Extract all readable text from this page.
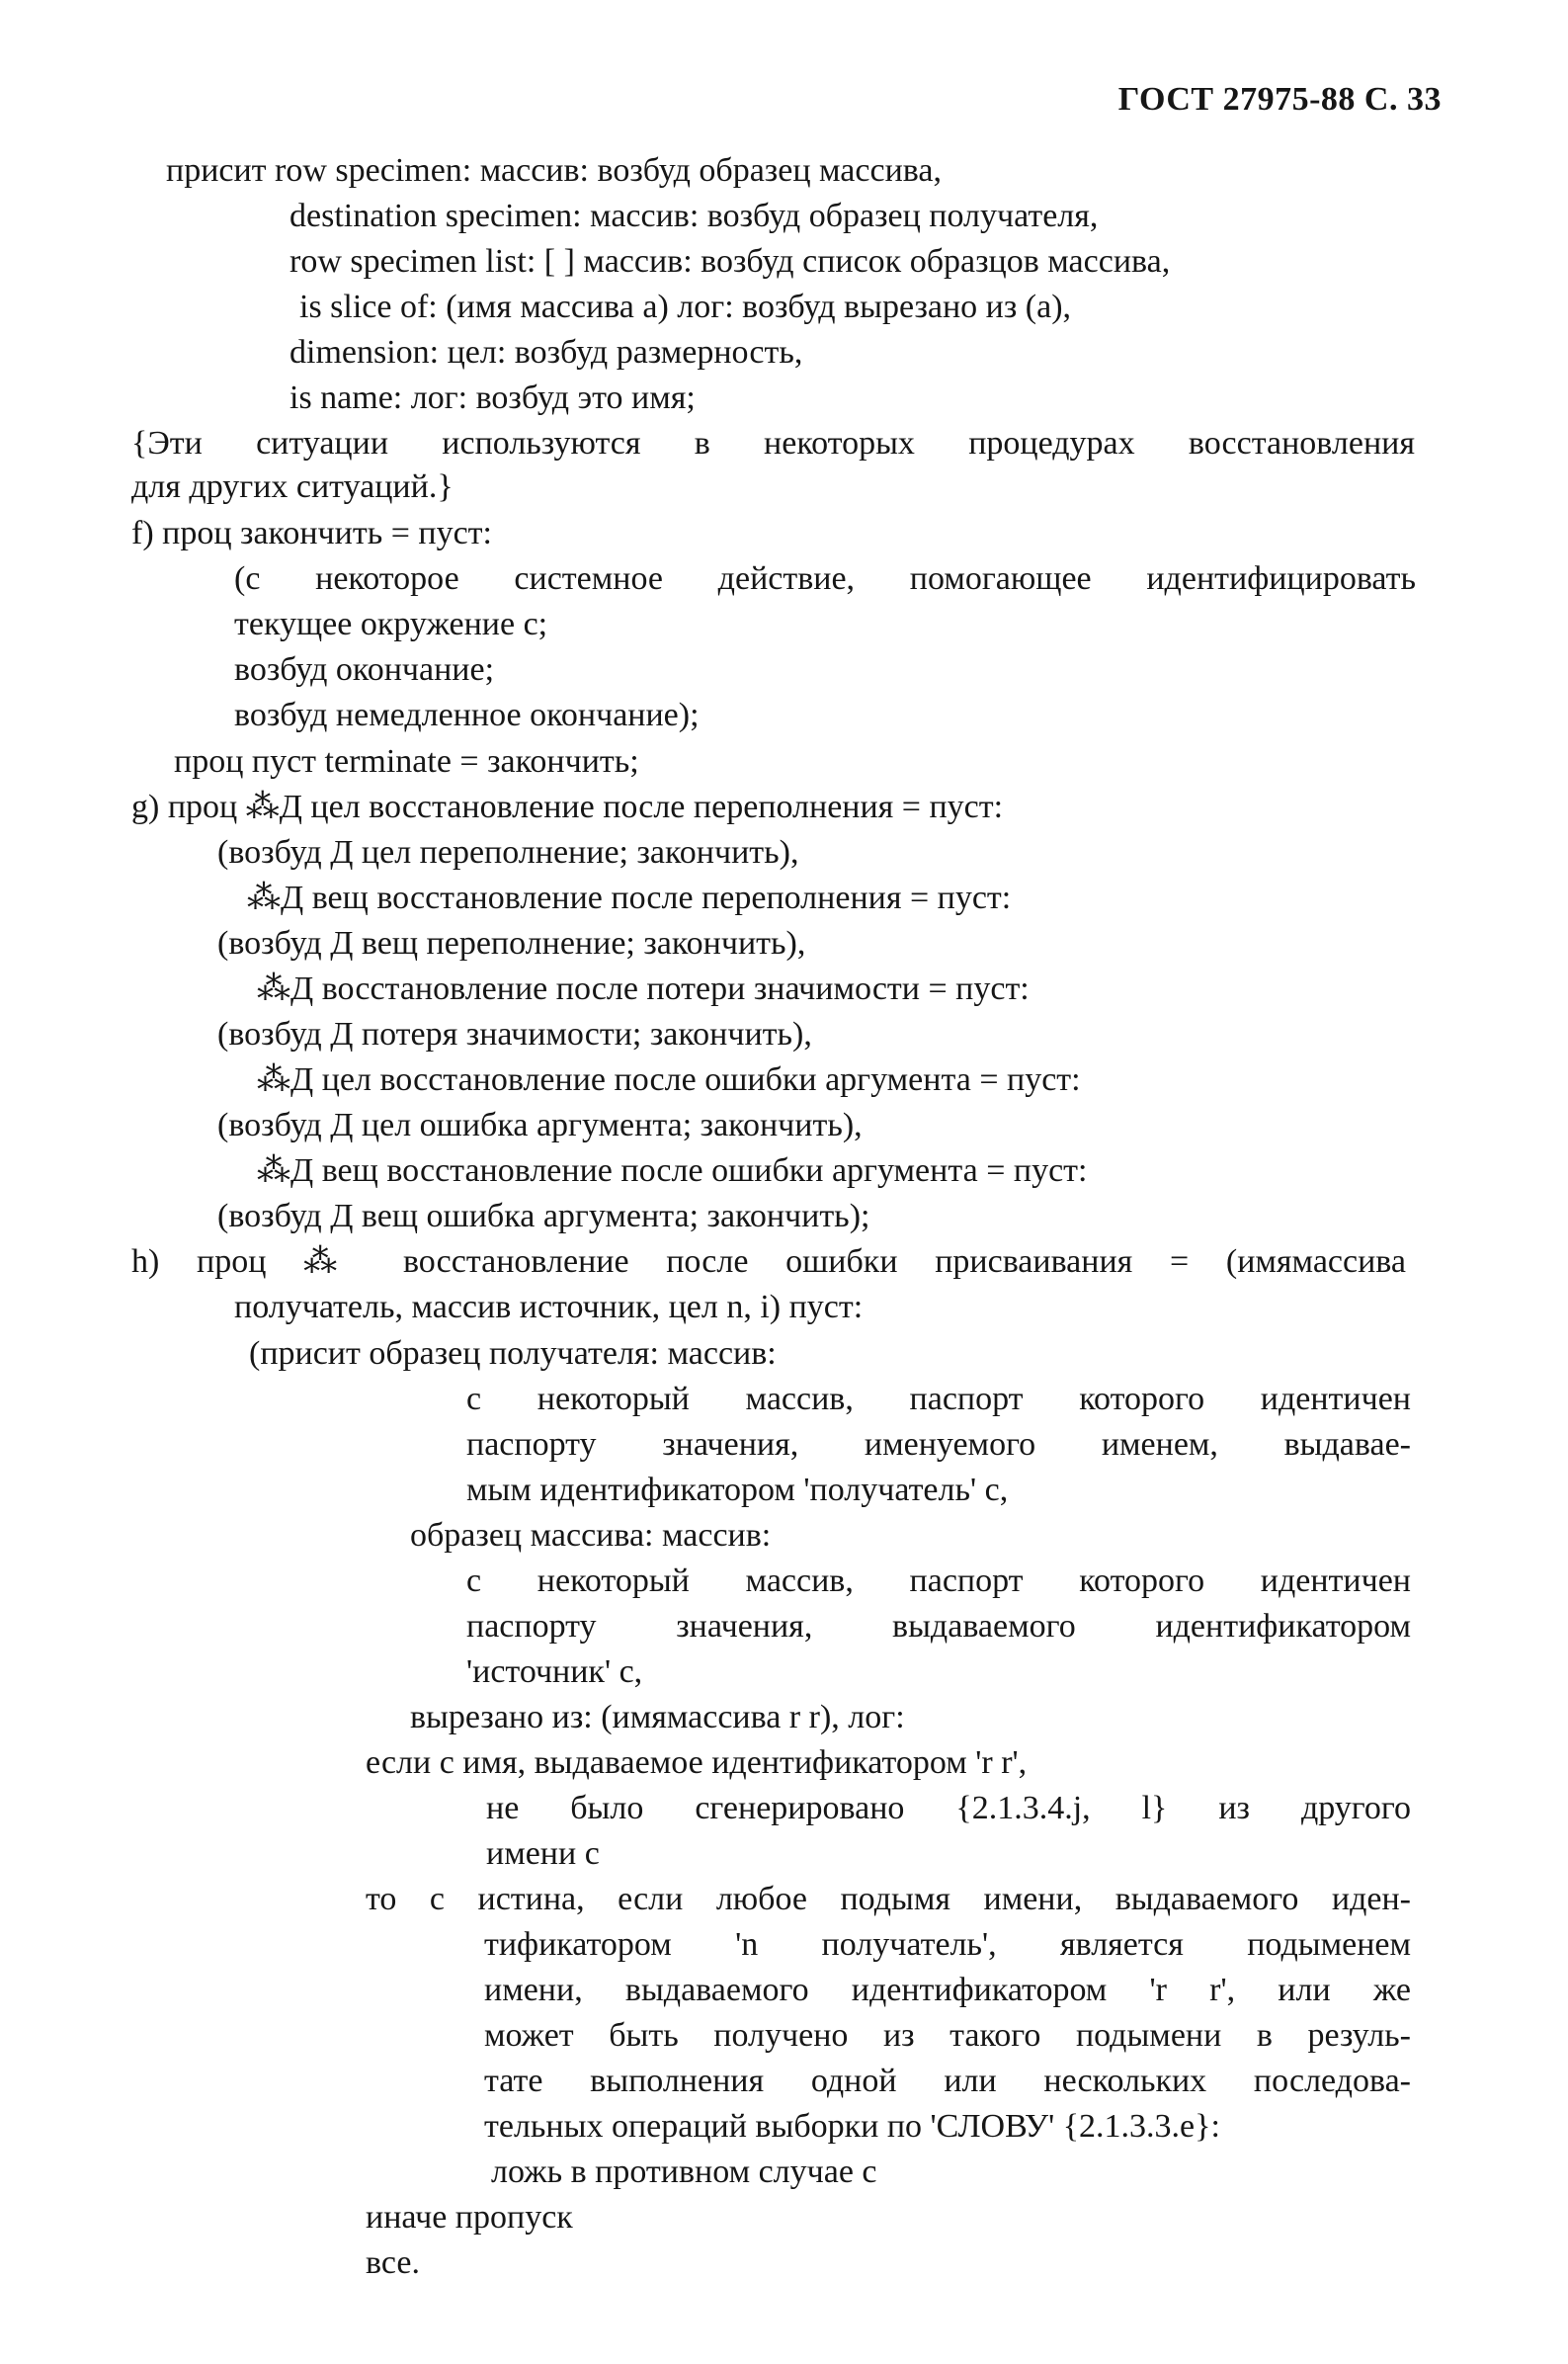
ГОСТ 27975-88 С. 33
присит row specimen: массив: возбуд образец массива,
destination specimen: массив: возбуд образец получателя,
row specimen list: [ ] массив: возбуд список образцов массива,
is slice of: (имя массива а) лог: возбуд вырезано из (а),
dimension: цел: возбуд размерность,
is name: лог: возбуд это имя;
{Эти ситуации используются в некоторых процедурах восстановления
для других ситуаций.}
f) проц закончить = пуст:
(с некоторое системное действие, помогающее идентифицировать
текущее окружение с;
возбуд окончание;
возбуд немедленное окончание);
проц пуст terminate = закончить;
g) проц ⁂Д цел восстановление после переполнения = пуст:
(возбуд Д цел переполнение; закончить),
⁂Д вещ восстановление после переполнения = пуст:
(возбуд Д вещ переполнение; закончить),
⁂Д восстановление после потери значимости = пуст:
(возбуд Д потеря значимости; закончить),
⁂Д цел восстановление после ошибки аргумента = пуст:
(возбуд Д цел ошибка аргумента; закончить),
⁂Д вещ восстановление после ошибки аргумента = пуст:
(возбуд Д вещ ошибка аргумента; закончить);
h) проц ⁂ восстановление после ошибки присваивания = (имямассива
получатель, массив источник, цел n, i) пуст:
(присит образец получателя: массив:
с некоторый массив, паспорт которого идентичен
паспорту значения, именуемого именем, выдавае-
мым идентификатором 'получатель' с,
образец массива: массив:
с некоторый массив, паспорт которого идентичен
паспорту значения, выдаваемого идентификатором
'источник' с,
вырезано из: (имямассива r r), лог:
если с имя, выдаваемое идентификатором 'r r',
не было сгенерировано {2.1.3.4.j, l} из другого
имени с
то с истина, если любое подымя имени, выдаваемого иден-
тификатором 'n получатель', является подыменем
имени, выдаваемого идентификатором 'r r', или же
может быть получено из такого подымени в резуль-
тате выполнения одной или нескольких последова-
тельных операций выборки по 'СЛОВУ' {2.1.3.3.e}:
ложь в противном случае с
иначе пропуск
все.
